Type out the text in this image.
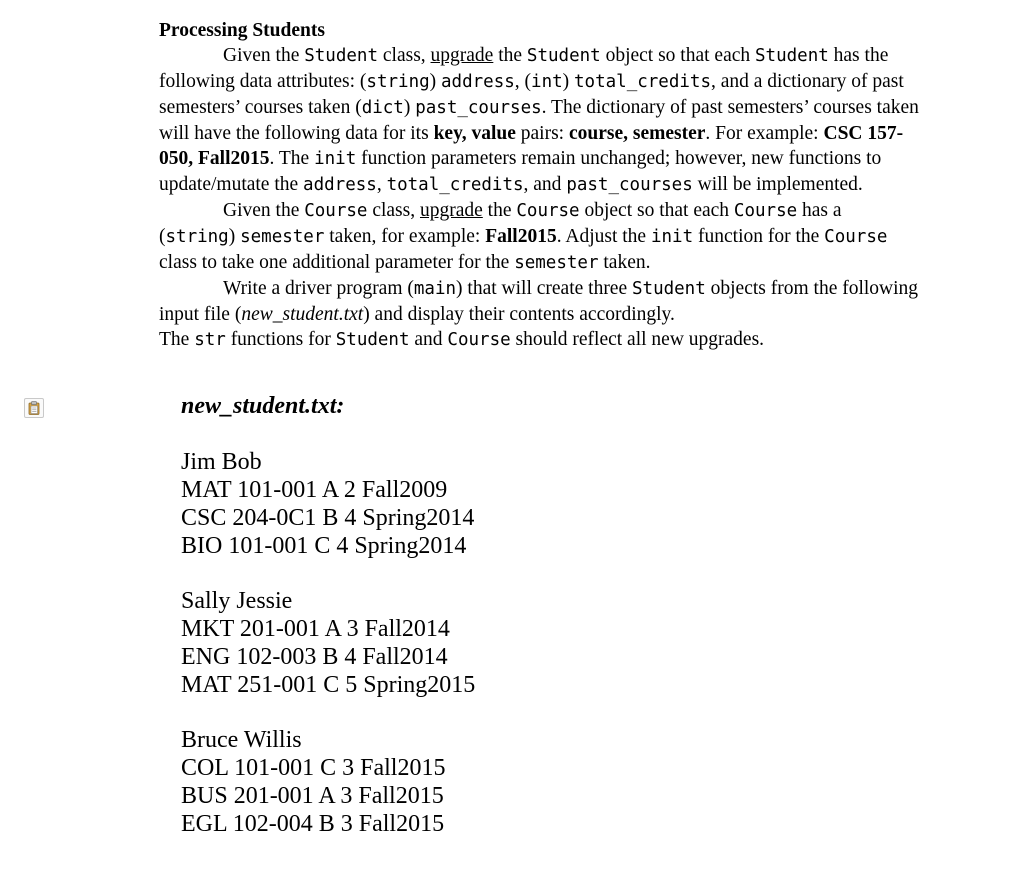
Processing Students

Given the Student class, upgrade the Student object so that each Student has the following data attributes: (string) address, (int) total_credits, and a dictionary of past semesters’ courses taken (dict) past_courses. The dictionary of past semesters’ courses taken will have the following data for its key, value pairs: course, semester. For example: CSC 157-050, Fall2015. The init function parameters remain unchanged; however, new functions to update/mutate the address, total_credits, and past_courses will be implemented.

Given the Course class, upgrade the Course object so that each Course has a (string) semester taken, for example: Fall2015. Adjust the init function for the Course class to take one additional parameter for the semester taken.

Write a driver program (main) that will create three Student objects from the following input file (new_student.txt) and display their contents accordingly.

The str functions for Student and Course should reflect all new upgrades.

new_student.txt:

Jim Bob

MAT 101-001 A 2 Fall2009

CSC 204-0C1 B 4 Spring2014

BIO 101-001 C 4 Spring2014

Sally Jessie

MKT 201-001 A 3 Fall2014

ENG 102-003 B 4 Fall2014

MAT 251-001 C 5 Spring2015

Bruce Willis

COL 101-001 C 3 Fall2015

BUS 201-001 A 3 Fall2015

EGL 102-004 B 3 Fall2015
